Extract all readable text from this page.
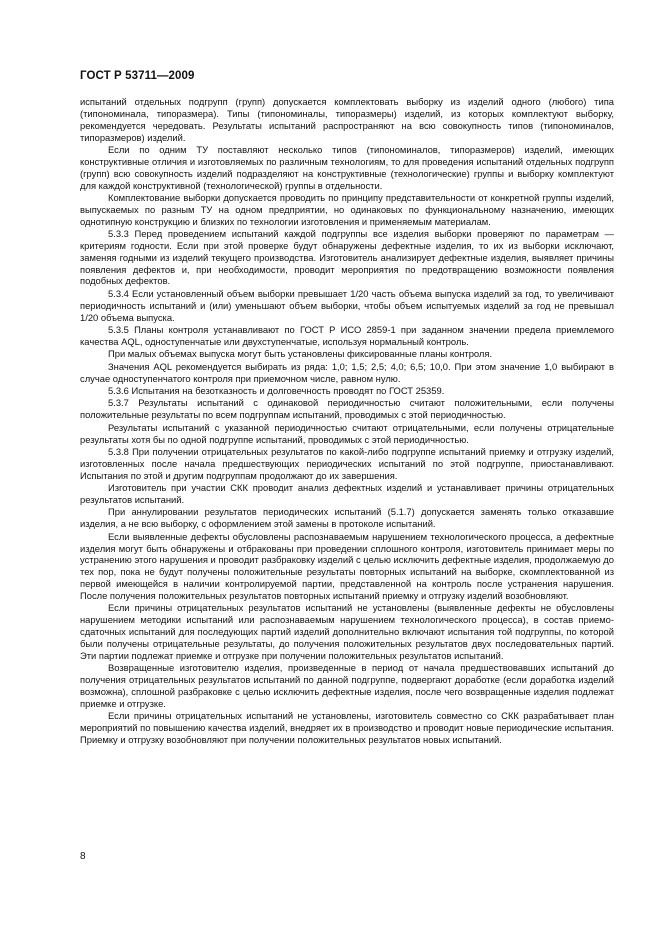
ГОСТ Р 53711—2009

испытаний отдельных подгрупп (групп) допускается комплектовать выборку из изделий одного (любого) типа (типономинала, типоразмера). Типы (типономиналы, типоразмеры) изделий, из которых комплектуют выборку, рекомендуется чередовать. Результаты испытаний распространяют на всю совокупность типов (типономиналов, типоразмеров) изделий.

Если по одним ТУ поставляют несколько типов (типономиналов, типоразмеров) изделий, имеющих конструктивные отличия и изготовляемых по различным технологиям, то для проведения испытаний отдельных подгрупп (групп) всю совокупность изделий подразделяют на конструктивные (технологические) группы и выборку комплектуют для каждой конструктивной (технологической) группы в отдельности.

Комплектование выборки допускается проводить по принципу представительности от конкретной группы изделий, выпускаемых по разным ТУ на одном предприятии, но одинаковых по функциональному назначению, имеющих однотипную конструкцию и близких по технологии изготовления и применяемым материалам.

5.3.3 Перед проведением испытаний каждой подгруппы все изделия выборки проверяют по параметрам — критериям годности. Если при этой проверке будут обнаружены дефектные изделия, то их из выборки исключают, заменяя годными из изделий текущего производства. Изготовитель анализирует дефектные изделия, выявляет причины появления дефектов и, при необходимости, проводит мероприятия по предотвращению возможности появления подобных дефектов.

5.3.4 Если установленный объем выборки превышает 1/20 часть объема выпуска изделий за год, то увеличивают периодичность испытаний и (или) уменьшают объем выборки, чтобы объем испытуемых изделий за год не превышал 1/20 объема выпуска.

5.3.5 Планы контроля устанавливают по ГОСТ Р ИСО 2859-1 при заданном значении предела приемлемого качества AQL, одноступенчатые или двухступенчатые, используя нормальный контроль.

При малых объемах выпуска могут быть установлены фиксированные планы контроля.

Значения AQL рекомендуется выбирать из ряда: 1,0; 1,5; 2,5; 4,0; 6,5; 10,0. При этом значение 1,0 выбирают в случае одноступенчатого контроля при приемочном числе, равном нулю.

5.3.6 Испытания на безотказность и долговечность проводят по ГОСТ 25359.

5.3.7 Результаты испытаний с одинаковой периодичностью считают положительными, если получены положительные результаты по всем подгруппам испытаний, проводимых с этой периодичностью.

Результаты испытаний с указанной периодичностью считают отрицательными, если получены отрицательные результаты хотя бы по одной подгруппе испытаний, проводимых с этой периодичностью.

5.3.8 При получении отрицательных результатов по какой-либо подгруппе испытаний приемку и отгрузку изделий, изготовленных после начала предшествующих периодических испытаний по этой подгруппе, приостанавливают. Испытания по этой и другим подгруппам продолжают до их завершения.

Изготовитель при участии СКК проводит анализ дефектных изделий и устанавливает причины отрицательных результатов испытаний.

При аннулировании результатов периодических испытаний (5.1.7) допускается заменять только отказавшие изделия, а не всю выборку, с оформлением этой замены в протоколе испытаний.

Если выявленные дефекты обусловлены распознаваемым нарушением технологического процесса, а дефектные изделия могут быть обнаружены и отбракованы при проведении сплошного контроля, изготовитель принимает меры по устранению этого нарушения и проводит разбраковку изделий с целью исключить дефектные изделия, продолжаемую до тех пор, пока не будут получены положительные результаты повторных испытаний на выборке, скомплектованной из первой имеющейся в наличии контролируемой партии, представленной на контроль после устранения нарушения. После получения положительных результатов повторных испытаний приемку и отгрузку изделий возобновляют.

Если причины отрицательных результатов испытаний не установлены (выявленные дефекты не обусловлены нарушением методики испытаний или распознаваемым нарушением технологического процесса), в состав приемо-сдаточных испытаний для последующих партий изделий дополнительно включают испытания той подгруппы, по которой были получены отрицательные результаты, до получения положительных результатов двух последовательных партий. Эти партии подлежат приемке и отгрузке при получении положительных результатов испытаний.

Возвращенные изготовителю изделия, произведенные в период от начала предшествовавших испытаний до получения отрицательных результатов испытаний по данной подгруппе, подвергают доработке (если доработка изделий возможна), сплошной разбраковке с целью исключить дефектные изделия, после чего возвращенные изделия подлежат приемке и отгрузке.

Если причины отрицательных испытаний не установлены, изготовитель совместно со СКК разрабатывает план мероприятий по повышению качества изделий, внедряет их в производство и проводит новые периодические испытания. Приемку и отгрузку возобновляют при получении положительных результатов новых испытаний.

8
